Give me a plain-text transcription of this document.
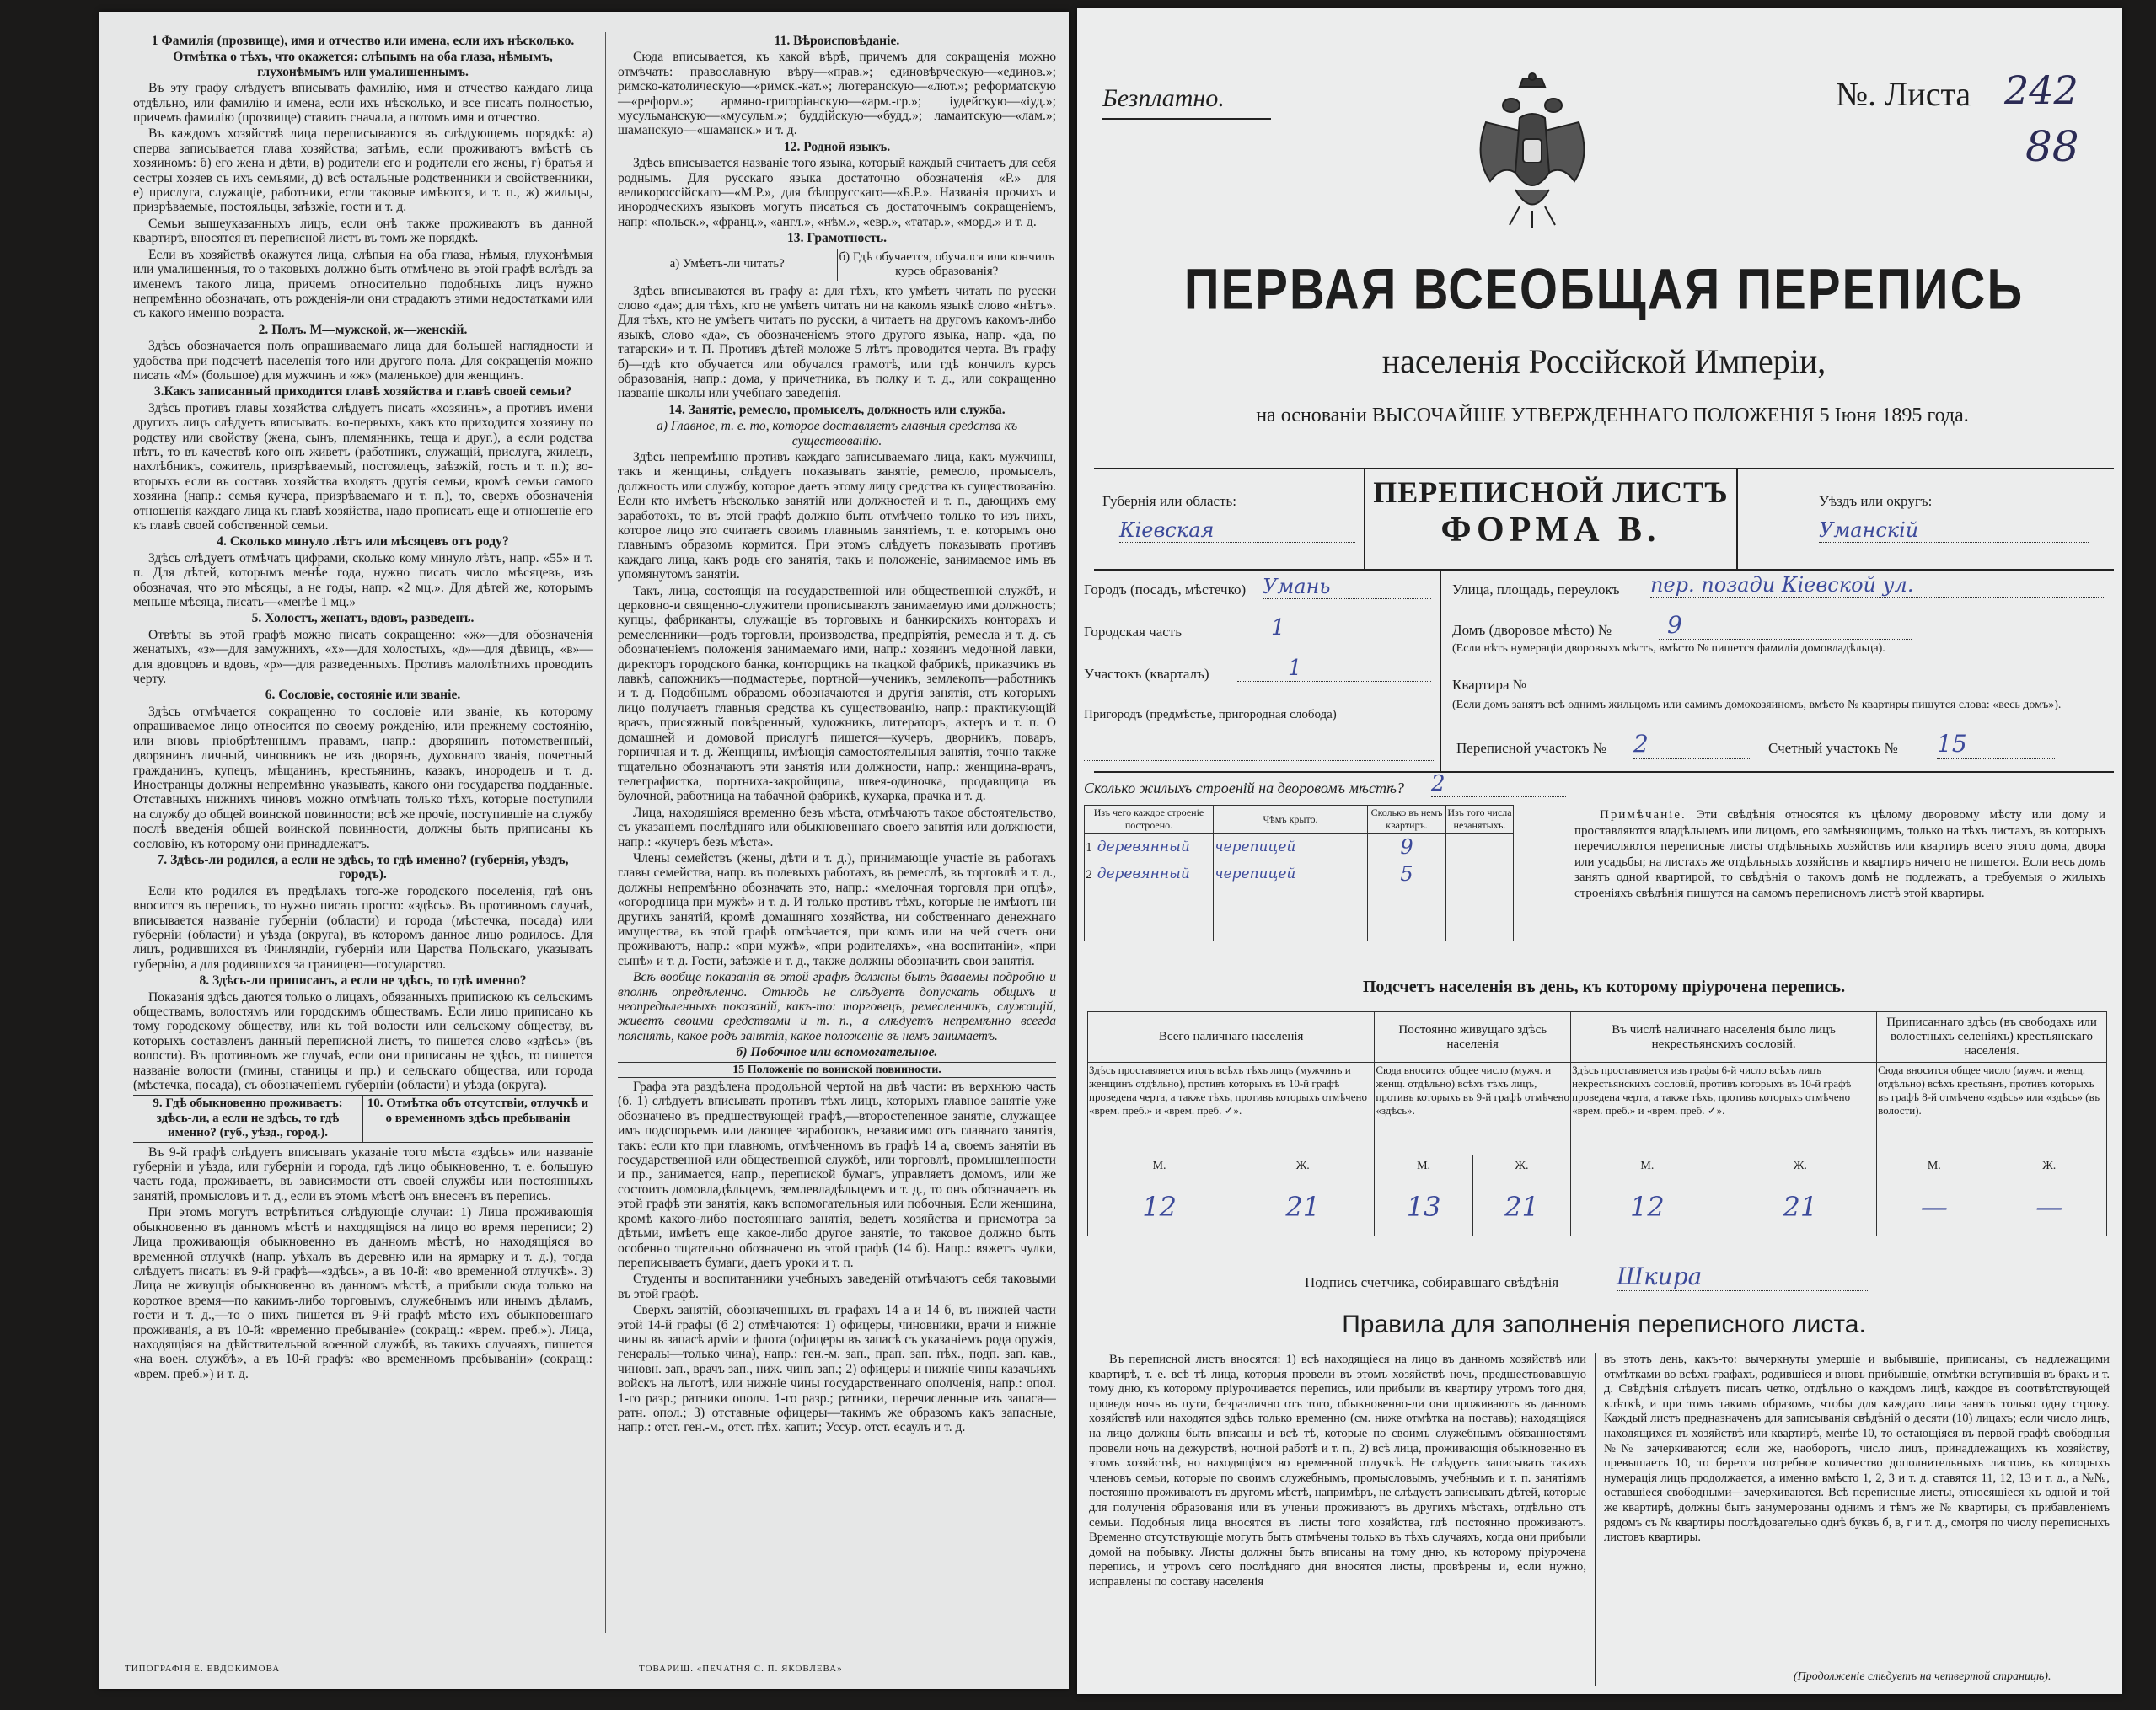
1 Фамилія (прозвище), имя и отчество или имена, если ихъ нѣсколько.
Отмѣтка о тѣхъ, что окажется: слѣпымъ на оба глаза, нѣмымъ, глухонѣмымъ или умалишеннымъ.

Въ эту графу слѣдуетъ вписывать фамилію, имя и отчество каждаго лица отдѣльно, или фамилію и имена, если ихъ нѣсколько, и все писать полностью, причемъ фамилію (прозвище) ставить сначала, а потомъ имя и отчество.

Въ каждомъ хозяйствѣ лица переписываются въ слѣдующемъ порядкѣ: а) сперва записывается глава хозяйства; затѣмъ, если проживаютъ вмѣстѣ съ хозяиномъ: б) его жена и дѣти, в) родители его и родители его жены, г) братья и сестры хозяев съ ихъ семьями, д) всѣ остальные родственники и свойственники, е) прислуга, служащіе, работники, если таковые имѣются, и т. п., ж) жильцы, призрѣваемые, постояльцы, заѣзжіе, гости и т. д.

Семьи вышеуказанныхъ лицъ, если онѣ также проживаютъ въ данной квартирѣ, вносятся въ переписной листъ въ томъ же порядкѣ.

Если въ хозяйствѣ окажутся лица, слѣпыя на оба глаза, нѣмыя, глухонѣмыя или умалишенныя, то о таковыхъ должно быть отмѣчено въ этой графѣ вслѣдъ за именемъ такого лица, причемъ относительно подобныхъ лицъ нужно непремѣнно обозначать, отъ рожденія-ли они страдаютъ этими недостатками или съ какого именно возраста.

2. Полъ. М—мужской, ж—женскій.

Здѣсь обозначается полъ опрашиваемаго лица для большей наглядности и удобства при подсчетѣ населенія того или другого пола. Для сокращенія можно писать «М» (большое) для мужчинъ и «ж» (маленькое) для женщинъ.

3.Какъ записанный приходится главѣ хозяйства и главѣ своей семьи?

Здѣсь противъ главы хозяйства слѣдуетъ писать «хозяинъ», а противъ имени другихъ лицъ слѣдуетъ вписывать: во-первыхъ, какъ кто приходится хозяину по родству или свойству (жена, сынъ, племянникъ, теща и друг.), а если родства нѣтъ, то въ качествѣ кого онъ живетъ (работникъ, служащій, прислуга, жилецъ, нахлѣбникъ, сожитель, призрѣваемый, постоялецъ, заѣзжій, гость и т. п.); во-вторыхъ если въ составъ хозяйства входятъ другія семьи, кромѣ семьи самого хозяина (напр.: семья кучера, призрѣваемаго и т. п.), то, сверхъ обозначенія отношенія каждаго лица къ главѣ хозяйства, надо прописать еще и отношеніе его къ главѣ своей собственной семьи.

4. Сколько минуло лѣтъ или мѣсяцевъ отъ роду?

Здѣсь слѣдуетъ отмѣчать цифрами, сколько кому минуло лѣтъ, напр. «55» и т. п. Для дѣтей, которымъ менѣе года, нужно писать число мѣсяцевъ, изъ обозначая, что это мѣсяцы, а не годы, напр. «2 мц.». Для дѣтей же, которымъ меньше мѣсяца, писать—«менѣе 1 мц.»

5. Холостъ, женатъ, вдовъ, разведенъ.

Отвѣты въ этой графѣ можно писать сокращенно: «ж»—для обозначенія женатыхъ, «з»—для замужнихъ, «х»—для холостыхъ, «д»—для дѣвицъ, «в»—для вдовцовъ и вдовъ, «р»—для разведенныхъ. Противъ малолѣтнихъ проводить черту.

6. Сословіе, состояніе или званіе.

Здѣсь отмѣчается сокращенно то сословіе или званіе, къ которому опрашиваемое лицо относится по своему рожденію, или прежнему состоянію, или вновь пріобрѣтеннымъ правамъ, напр.: дворянинъ потомственный, дворянинъ личный, чиновникъ не изъ дворянъ, духовнаго званія, почетный гражданинъ, купецъ, мѣщанинъ, крестьянинъ, казакъ, инородецъ и т. д. Иностранцы должны непремѣнно указывать, какого они государства подданные. Отставныхъ нижнихъ чиновъ можно отмѣчать только тѣхъ, которые поступили на службу до общей воинской повинности; всѣ же прочіе, поступившіе на службу послѣ введенія общей воинской повинности, должны быть приписаны къ сословію, къ которому они принадлежатъ.

7. Здѣсь-ли родился, а если не здѣсь, то гдѣ именно? (губернія, уѣздъ, городъ).

Если кто родился въ предѣлахъ того-же городского поселенія, гдѣ онъ вносится въ перепись, то нужно писать просто: «здѣсь». Въ противномъ случаѣ, вписывается названіе губерніи (области) и города (мѣстечка, посада) или губерніи (области) и уѣзда (округа), въ которомъ данное лицо родилось. Для лицъ, родившихся въ Финляндіи, губерніи или Царства Польскаго, указывать губернію, а для родившихся за границею—государство.

8. Здѣсь-ли приписанъ, а если не здѣсь, то гдѣ именно?

Показанія здѣсь даются только о лицахъ, обязанныхъ припискою къ сельскимъ обществамъ, волостямъ или городскимъ обществамъ. Если лицо приписано къ тому городскому обществу, или къ той волости или сельскому обществу, въ которыхъ составленъ данный переписной листъ, то пишется слово «здѣсь» (въ волости). Въ противномъ же случаѣ, если они приписаны не здѣсь, то пишется названіе волости (гмины, станицы и пр.) и сельскаго общества, или города (мѣстечка, посада), съ обозначеніемъ губерніи (области) и уѣзда (округа).

9. Гдѣ обыкновенно проживаетъ: здѣсь-ли, а если не здѣсь, то гдѣ именно? (губ., уѣзд., город.).	10. Отмѣтка объ отсутствіи, отлучкѣ и о временномъ здѣсь пребываніи

Въ 9-й графѣ слѣдуетъ вписывать указаніе того мѣста «здѣсь» или названіе губерніи и уѣзда, или губерніи и города, гдѣ лицо обыкновенно, т. е. большую часть года, проживаетъ, въ зависимости отъ своей службы или постоянныхъ занятій, промысловъ и т. д., если въ этомъ мѣстѣ онъ внесенъ въ перепись.

При этомъ могутъ встрѣтиться слѣдующіе случаи: 1) Лица проживающія обыкновенно въ данномъ мѣстѣ и находящіяся на лицо во время переписи; 2) Лица проживающія обыкновенно въ данномъ мѣстѣ, но находящіяся во временной отлучкѣ (напр. уѣхалъ въ деревню или на ярмарку и т. д.), тогда слѣдуетъ писать: въ 9-й графѣ—«здѣсь», а въ 10-й: «во временной отлучкѣ». 3) Лица не живущія обыкновенно въ данномъ мѣстѣ, а прибыли сюда только на короткое время—по какимъ-либо торговымъ, служебнымъ или инымъ дѣламъ, гости и т. д.,—то о нихъ пишется въ 9-й графѣ мѣсто ихъ обыкновеннаго проживанія, а въ 10-й: «временно пребываніе» (сокращ.: «врем. преб.»). Лица, находящіяся на дѣйствительной военной службѣ, въ такихъ случаяхъ, пишется «на воен. службѣ», а въ 10-й графѣ: «во временномъ пребываніи» (сокращ.: «врем. преб.») и т. д.

ТИПОГРАФІЯ Е. ЕВДОКИМОВА
11. Вѣроисповѣданіе.

Сюда вписывается, къ какой вѣрѣ, причемъ для сокращенія можно отмѣчать: православную вѣру—«прав.»; единовѣрческую—«единов.»; римско-католическую—«римск.-кат.»; лютеранскую—«лют.»; реформатскую—«реформ.»; армяно-григоріанскую—«арм.-гр.»; іудейскую—«іуд.»; мусульманскую—«мусульм.»; буддійскую—«будд.»; ламаитскую—«лам.»; шаманскую—«шаманск.» и т. д.

12. Родной языкъ.

Здѣсь вписывается названіе того языка, который каждый считаетъ для себя роднымъ. Для русскаго языка достаточно обозначенія «Р.» для великороссійскаго—«М.Р.», для бѣлорусскаго—«Б.Р.». Названія прочихъ и инородческихъ языковъ могутъ писаться съ достаточнымъ сокращеніемъ, напр: «польск.», «франц.», «англ.», «нѣм.», «евр.», «татар.», «морд.» и т. д.

13. Грамотность.
а) Умѣетъ-ли читать?	б) Гдѣ обучается, обучался или кончилъ курсъ образованія?

Здѣсь вписываются въ графу а: для тѣхъ, кто умѣетъ читать по русски слово «да»; для тѣхъ, кто не умѣетъ читать ни на какомъ языкѣ слово «нѣтъ». Для тѣхъ, кто не умѣетъ читать по русски, а читаетъ на другомъ какомъ-либо языкѣ, слово «да», съ обозначеніемъ этого другого языка, напр. «да, по татарски» и т. П. Противъ дѣтей моложе 5 лѣтъ проводится черта. Въ графу б)—гдѣ кто обучается или обучался грамотѣ, или гдѣ кончилъ курсъ образованія, напр.: дома, у причетника, въ полку и т. д., или сокращенно названіе школы или учебнаго заведенія.

14. Занятіе, ремесло, промыселъ, должность или служба.
а) Главное, т. е. то, которое доставляетъ главныя средства къ существованію.

Здѣсь непремѣнно противъ каждаго записываемаго лица, какъ мужчины, такъ и женщины, слѣдуетъ показывать занятіе, ремесло, промыселъ, должность или службу, которое даетъ этому лицу средства къ существованію. Если кто имѣетъ нѣсколько занятій или должностей и т. п., дающихъ ему заработокъ, то въ этой графѣ должно быть отмѣчено только то изъ нихъ, которое лицо это считаетъ своимъ главнымъ занятіемъ, т. е. которымъ оно главнымъ образомъ кормится. При этомъ слѣдуетъ показывать противъ каждаго лица, какъ родъ его занятія, такъ и положеніе, занимаемое имъ въ упомянутомъ занятіи.

Такъ, лица, состоящія на государственной или общественной службѣ, и церковно-и священно-служители прописываютъ занимаемую ими должность; купцы, фабриканты, служащіе въ торговыхъ и банкирскихъ конторахъ и ремесленники—родъ торговли, производства, предпріятія, ремесла и т. д. съ обозначеніемъ положенія занимаемаго ими, напр.: хозяинъ медочной лавки, директоръ городского банка, конторщикъ на ткацкой фабрикѣ, приказчикъ въ лавкѣ, сапожникъ—подмастерье, портной—ученикъ, землекопъ—работникъ и т. д. Подобнымъ образомъ обозначаются и другія занятія, отъ которыхъ лицо получаетъ главныя средства къ существованію, напр.: практикующій врачъ, присяжный повѣренный, художникъ, литераторъ, актеръ и т. п. О домашней и домовой прислугѣ пишется—кучеръ, дворникъ, поваръ, горничная и т. д. Женщины, имѣющія самостоятельныя занятія, точно также тщательно обозначаютъ эти занятія или должности, напр.: женщина-врачъ, телеграфистка, портниха-закройщица, швея-одиночка, продавщица въ булочной, работница на табачной фабрикѣ, кухарка, прачка и т. д.

Лица, находящіяся временно безъ мѣста, отмѣчаютъ такое обстоятельство, съ указаніемъ послѣдняго или обыкновеннаго своего занятія или должности, напр.: «кучеръ безъ мѣста».

Члены семействъ (жены, дѣти и т. д.), принимающіе участіе въ работахъ главы семейства, напр. въ полевыхъ работахъ, въ ремеслѣ, въ торговлѣ и т. д., должны непремѣнно обозначать это, напр.: «мелочная торговля при отцѣ», «огородница при мужѣ» и т. д. И только противъ тѣхъ, которые не имѣютъ ни другихъ занятій, кромѣ домашняго хозяйства, ни собственнаго денежнаго имущества, въ этой графѣ отмѣчается, при комъ или на чей счетъ они проживаютъ, напр.: «при мужѣ», «при родителяхъ», «на воспитаніи», «при сынѣ» и т. д. Гости, заѣзжіе и т. д., также должны обозначить свои занятія.

Всѣ вообще показанія въ этой графѣ должны быть даваемы подробно и вполнѣ опредѣленно. Отнюдь не слѣдуетъ допускать общихъ и неопредѣленныхъ показаній, какъ-то: торговецъ, ремесленникъ, служащій, живетъ своими средствами и т. п., а слѣдуетъ непремѣнно всегда пояснять, какое родъ занятія, какое положеніе въ немъ занимаетъ.

б) Побочное или вспомогательное.
15 Положеніе по воинской повинности.

Графа эта раздѣлена продольной чертой на двѣ части: въ верхнюю часть (б. 1) слѣдуетъ вписывать противъ тѣхъ лицъ, которыхъ главное занятіе уже обозначено въ предшествующей графѣ,—второстепенное занятіе, служащее имъ подспорьемъ или дающее заработокъ, независимо отъ главнаго занятія, такъ: если кто при главномъ, отмѣченномъ въ графѣ 14 а, своемъ занятіи въ государственной или общественной службѣ, или торговлѣ, промышленности и пр., занимается, напр., перепиской бумагъ, управляетъ домомъ, или же состоитъ домовладѣльцемъ, землевладѣльцемъ и т. д., то онъ обозначаетъ въ этой графѣ эти занятія, какъ вспомогательныя или побочныя. Если женщина, кромѣ какого-либо постояннаго занятія, ведетъ хозяйства и присмотра за дѣтьми, имѣетъ еще какое-либо другое занятіе, то таковое должно быть особенно тщательно обозначено въ этой графѣ (14 б). Напр.: вяжетъ чулки, переписываетъ бумаги, даетъ уроки и т. п.

Студенты и воспитанники учебныхъ заведеній отмѣчаютъ себя таковыми въ этой графѣ.

Сверхъ занятій, обозначенныхъ въ графахъ 14 а и 14 б, въ нижней части этой 14-й графы (б 2) отмѣчаются: 1) офицеры, чиновники, врачи и нижніе чины въ запасѣ арміи и флота (офицеры въ запасѣ съ указаніемъ рода оружія, генералы—только чина), напр.: ген.-м. зап., прап. зап. пѣх., подп. зап. кав., чиновн. зап., врачъ зап., ниж. чинъ зап.; 2) офицеры и нижніе чины казачьихъ войскъ на льготѣ, или нижніе чины государственнаго ополченія, напр.: опол. 1-го разр.; ратники ополч. 1-го разр.; ратники, перечисленные изъ запаса—ратн. опол.; 3) отставные офицеры—такимъ же образомъ какъ запасные, напр.: отст. ген.-м., отст. пѣх. капит.; Уссур. отст. есаулъ и т. д.

ТОВАРИЩ. «ПЕЧАТНЯ С. П. ЯКОВЛЕВА»
Безплатно.	№. Листа 242
88
ПЕРВАЯ ВСЕОБЩАЯ ПЕРЕПИСЬ
населенія Россійской Имперіи,
на основаніи ВЫСОЧАЙШЕ УТВЕРЖДЕННАГО ПОЛОЖЕНІЯ 5 Іюня 1895 года.
ПЕРЕПИСНОЙ ЛИСТЪ
ФОРМА В.
Губернія или область:
Кіевская
Уѣздъ или округъ:
Уманскій
Городъ (посадъ, мѣстечко) Умань
Городская часть	1
Участокъ (кварталъ)	1
Пригородъ (предмѣстье, пригородная слобода)
Улица, площадь, переулокъ пер. позади Кіевской ул.
Домъ (дворовое мѣсто) №	9
(Если нѣтъ нумераціи дворовыхъ мѣстъ, вмѣсто № пишется фамилія домовладѣльца).
Квартира №
(Если домъ занятъ всѣ однимъ жильцомъ или самимъ домохозяиномъ, вмѣсто № квартиры пишутся слова: «весь домъ»).
Переписной участокъ № 2	Счетный участокъ № 15
Сколько жилыхъ строеній на дворовомъ мѣстѣ? 2
Изъ чего каждое строеніе построено.	Чѣмъ крыто.	Сколько въ немъ квартиръ.	Изъ того числа незанятыхъ.
1 деревянный	черепицей	9	
2 деревянный	черепицей	5	

Примѣчаніе. Эти свѣдѣнія относятся къ цѣлому дворовому мѣсту или дому и проставляются владѣльцемъ или лицомъ, его замѣняющимъ, только на тѣхъ листахъ, въ которыхъ перечисляются переписные листы отдѣльныхъ хозяйствъ или квартиръ всего этого дома, двора или усадьбы; на листахъ же отдѣльныхъ хозяйствъ и квартиръ ничего не пишется. Если весь домъ занятъ одной квартирой, то свѣдѣнія о такомъ домѣ не подлежатъ, а требуемыя о жилыхъ строеніяхъ свѣдѣнія пишутся на самомъ переписномъ листѣ этой квартиры.
Подсчетъ населенія въ день, къ которому пріурочена перепись.
Всего наличнаго населенія		Постоянно живущаго здѣсь населенія		Въ числѣ наличнаго населенія было лицъ некрестьянскихъ сословій.		Приписаннаго здѣсь (въ свободахъ или волостныхъ селеніяхъ) крестьянскаго населенія.	
Здѣсь проставляется итогъ всѣхъ тѣхъ лицъ (мужчинъ и женщинъ отдѣльно), противъ которыхъ въ 10-й графѣ проведена черта, а также тѣхъ, противъ которыхъ отмѣчено «врем. преб.» и «врем. преб. ✓».		Сюда вносится общее число (мужч. и женщ. отдѣльно) всѣхъ тѣхъ лицъ, противъ которыхъ въ 9-й графѣ отмѣчено «здѣсь».		Здѣсь проставляется изъ графы 6-й число всѣхъ лицъ некрестьянскихъ сословій, противъ которыхъ въ 10-й графѣ проведена черта, а также тѣхъ, противъ которыхъ отмѣчено «врем. преб.» и «врем. преб. ✓».		Сюда вносится общее число (мужч. и женщ. отдѣльно) всѣхъ крестьянъ, противъ которыхъ въ графѣ 8-й отмѣчено «здѣсь» или «здѣсь» (въ волости).	
М.	Ж.	М.	Ж.	М.	Ж.	М.	Ж.
12	21	13	21	12	21	—	—
Подпись счетчика, собиравшаго свѣдѣнія Шкира
Правила для заполненія переписного листа.
Въ переписной листъ вносятся: 1) всѣ находящіеся на лицо въ данномъ хозяйствѣ или квартирѣ, т. е. всѣ тѣ лица, которыя провели въ этомъ хозяйствѣ ночь, предшествовавшую тому дню, къ которому пріурочивается перепись, или прибыли въ квартиру утромъ того дня, проведя ночь въ пути, безразлично отъ того, обыкновенно-ли они проживаютъ въ данномъ хозяйствѣ или находятся здѣсь только временно (см. ниже отмѣтка на поставь); находящіяся на лицо должны быть вписаны и всѣ тѣ, которые по своимъ служебнымъ обязанностямъ провели ночь на дежурствѣ, ночной работѣ и т. п., 2) всѣ лица, проживающія обыкновенно въ этомъ хозяйствѣ, но находящіяся во временной отлучкѣ. Не слѣдуетъ записывать такихъ членовъ семьи, которые по своимъ служебнымъ, промысловымъ, учебнымъ и т. п. занятіямъ постоянно проживаютъ въ другомъ мѣстѣ, напримѣръ, не слѣдуетъ записывать дѣтей, которые для полученія образованія или въ ученьи проживаютъ въ другихъ мѣстахъ, отдѣльно отъ семьи. Подобныя лица вносятся въ листы того хозяйства, гдѣ постоянно проживаютъ. Временно отсутствующіе могутъ быть отмѣчены только въ тѣхъ случаяхъ, когда они прибыли домой на побывку. Листы должны быть вписаны на тому дню, къ которому пріурочена перепись, и утромъ сего послѣдняго дня вносятся листы, провѣрены и, если нужно, исправлены по составу населенія
въ этотъ день, какъ-то: вычеркнуты умершіе и выбывшіе, приписаны, съ надлежащими отмѣтками во всѣхъ графахъ, родившіеся и вновь прибывшіе, отмѣтки вступившія въ бракъ и т. д. Свѣдѣнія слѣдуетъ писать четко, отдѣльно о каждомъ лицѣ, каждое въ соотвѣтствующей клѣткѣ, и при томъ такимъ образомъ, чтобы для каждаго лица занять только одну строку. Каждый листъ предназначенъ для записыванія свѣдѣній о десяти (10) лицахъ; если число лицъ, находящихся въ хозяйствѣ или квартирѣ, менѣе 10, то остающіяся въ первой графѣ свободныя №№ зачеркиваются; если же, наоборотъ, число лицъ, принадлежащихъ къ хозяйству, превышаетъ 10, то берется потребное количество дополнительныхъ листовъ, въ которыхъ нумерація лицъ продолжается, а именно вмѣсто 1, 2, 3 и т. д. ставятся 11, 12, 13 и т. д., а №№, оставшіеся свободными—зачеркиваются. Всѣ переписные листы, относящіеся къ одной и той же квартирѣ, должны быть занумерованы однимъ и тѣмъ же № квартиры, съ прибавленіемъ рядомъ съ № квартиры послѣдовательно однѣ буквъ б, в, г и т. д., смотря по числу переписныхъ листовъ квартиры.
(Продолженіе слѣдуетъ на четвертой страницѣ).
